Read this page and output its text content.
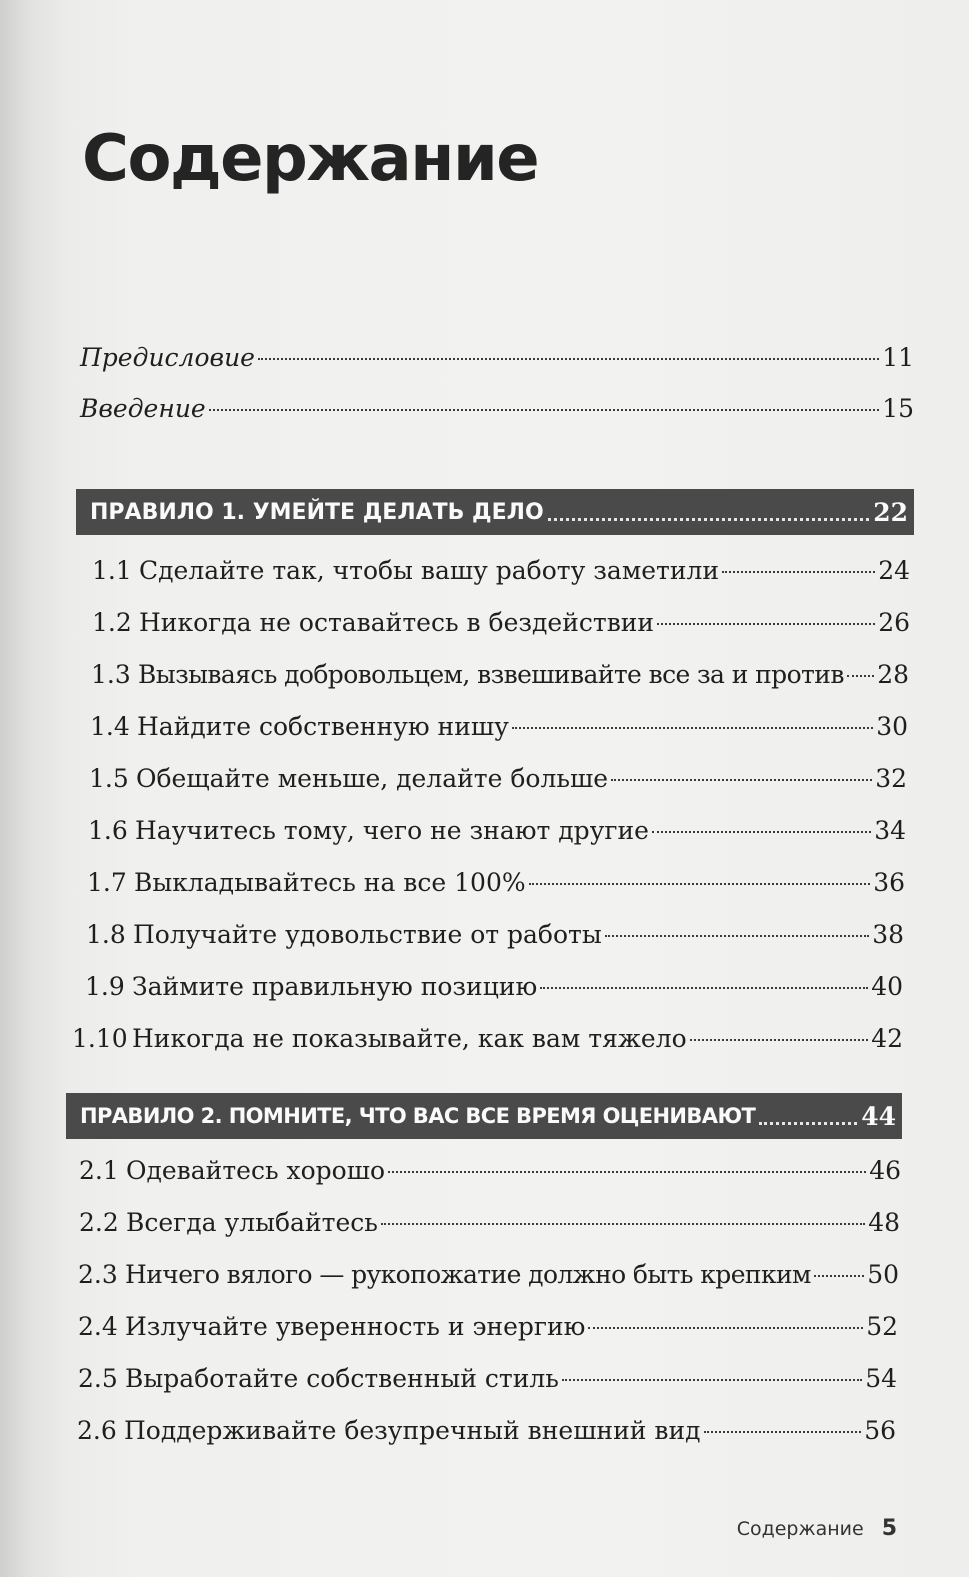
Содержание
Предисловие	11
Введение	15
ПРАВИЛО 1. УМЕЙТЕ ДЕЛАТЬ ДЕЛО	22
1.1 Сделайте так, чтобы вашу работу заметили	24
1.2 Никогда не оставайтесь в бездействии	26
1.3 Вызываясь добровольцем, взвешивайте все за и против 28
1.4 Найдите собственную нишу	30
1.5 Обещайте меньше, делайте больше	32
1.6 Научитесь тому, чего не знают другие	34
1.7 Выкладывайтесь на все 100%	36
1.8 Получайте удовольствие от работы	38
1.9 Займите правильную позицию	40
1.10 Никогда не показывайте, как вам тяжело	42
ПРАВИЛО 2. ПОМНИТЕ, ЧТО ВАС ВСЕ ВРЕМЯ ОЦЕНИВАЮТ	44
2.1 Одевайтесь хорошо	46
2.2 Всегда улыбайтесь	48
2.3 Ничего вялого — рукопожатие должно быть крепким 50
2.4 Излучайте уверенность и энергию	52
2.5 Выработайте собственный стиль	54
2.6 Поддерживайте безупречный внешний вид	56
Содержание 5
